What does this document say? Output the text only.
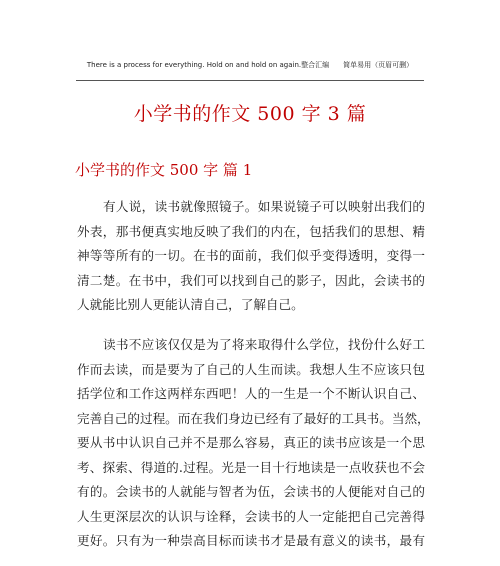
There is a process for everything. Hold on and hold on again.整合汇编　　简单易用（页眉可删）
小学书的作文 500 字 3 篇
小学书的作文 500 字 篇 1
有人说，读书就像照镜子。如果说镜子可以映射出我们的
外表，那书便真实地反映了我们的内在，包括我们的思想、精
神等等所有的一切。在书的面前，我们似乎变得透明，变得一
清二楚。在书中，我们可以找到自己的影子，因此，会读书的
人就能比别人更能认清自己，了解自己。
读书不应该仅仅是为了将来取得什么学位，找份什么好工
作而去读，而是要为了自己的人生而读。我想人生不应该只包
括学位和工作这两样东西吧！人的一生是一个不断认识自己、
完善自己的过程。而在我们身边已经有了最好的工具书。当然，
要从书中认识自己并不是那么容易，真正的读书应该是一个思
考、探索、得道的.过程。光是一目十行地读是一点收获也不会
有的。会读书的人就能与智者为伍，会读书的人便能对自己的
人生更深层次的认识与诠释，会读书的人一定能把自己完善得
更好。只有为一种崇高目标而读书才是最有意义的读书，最有
